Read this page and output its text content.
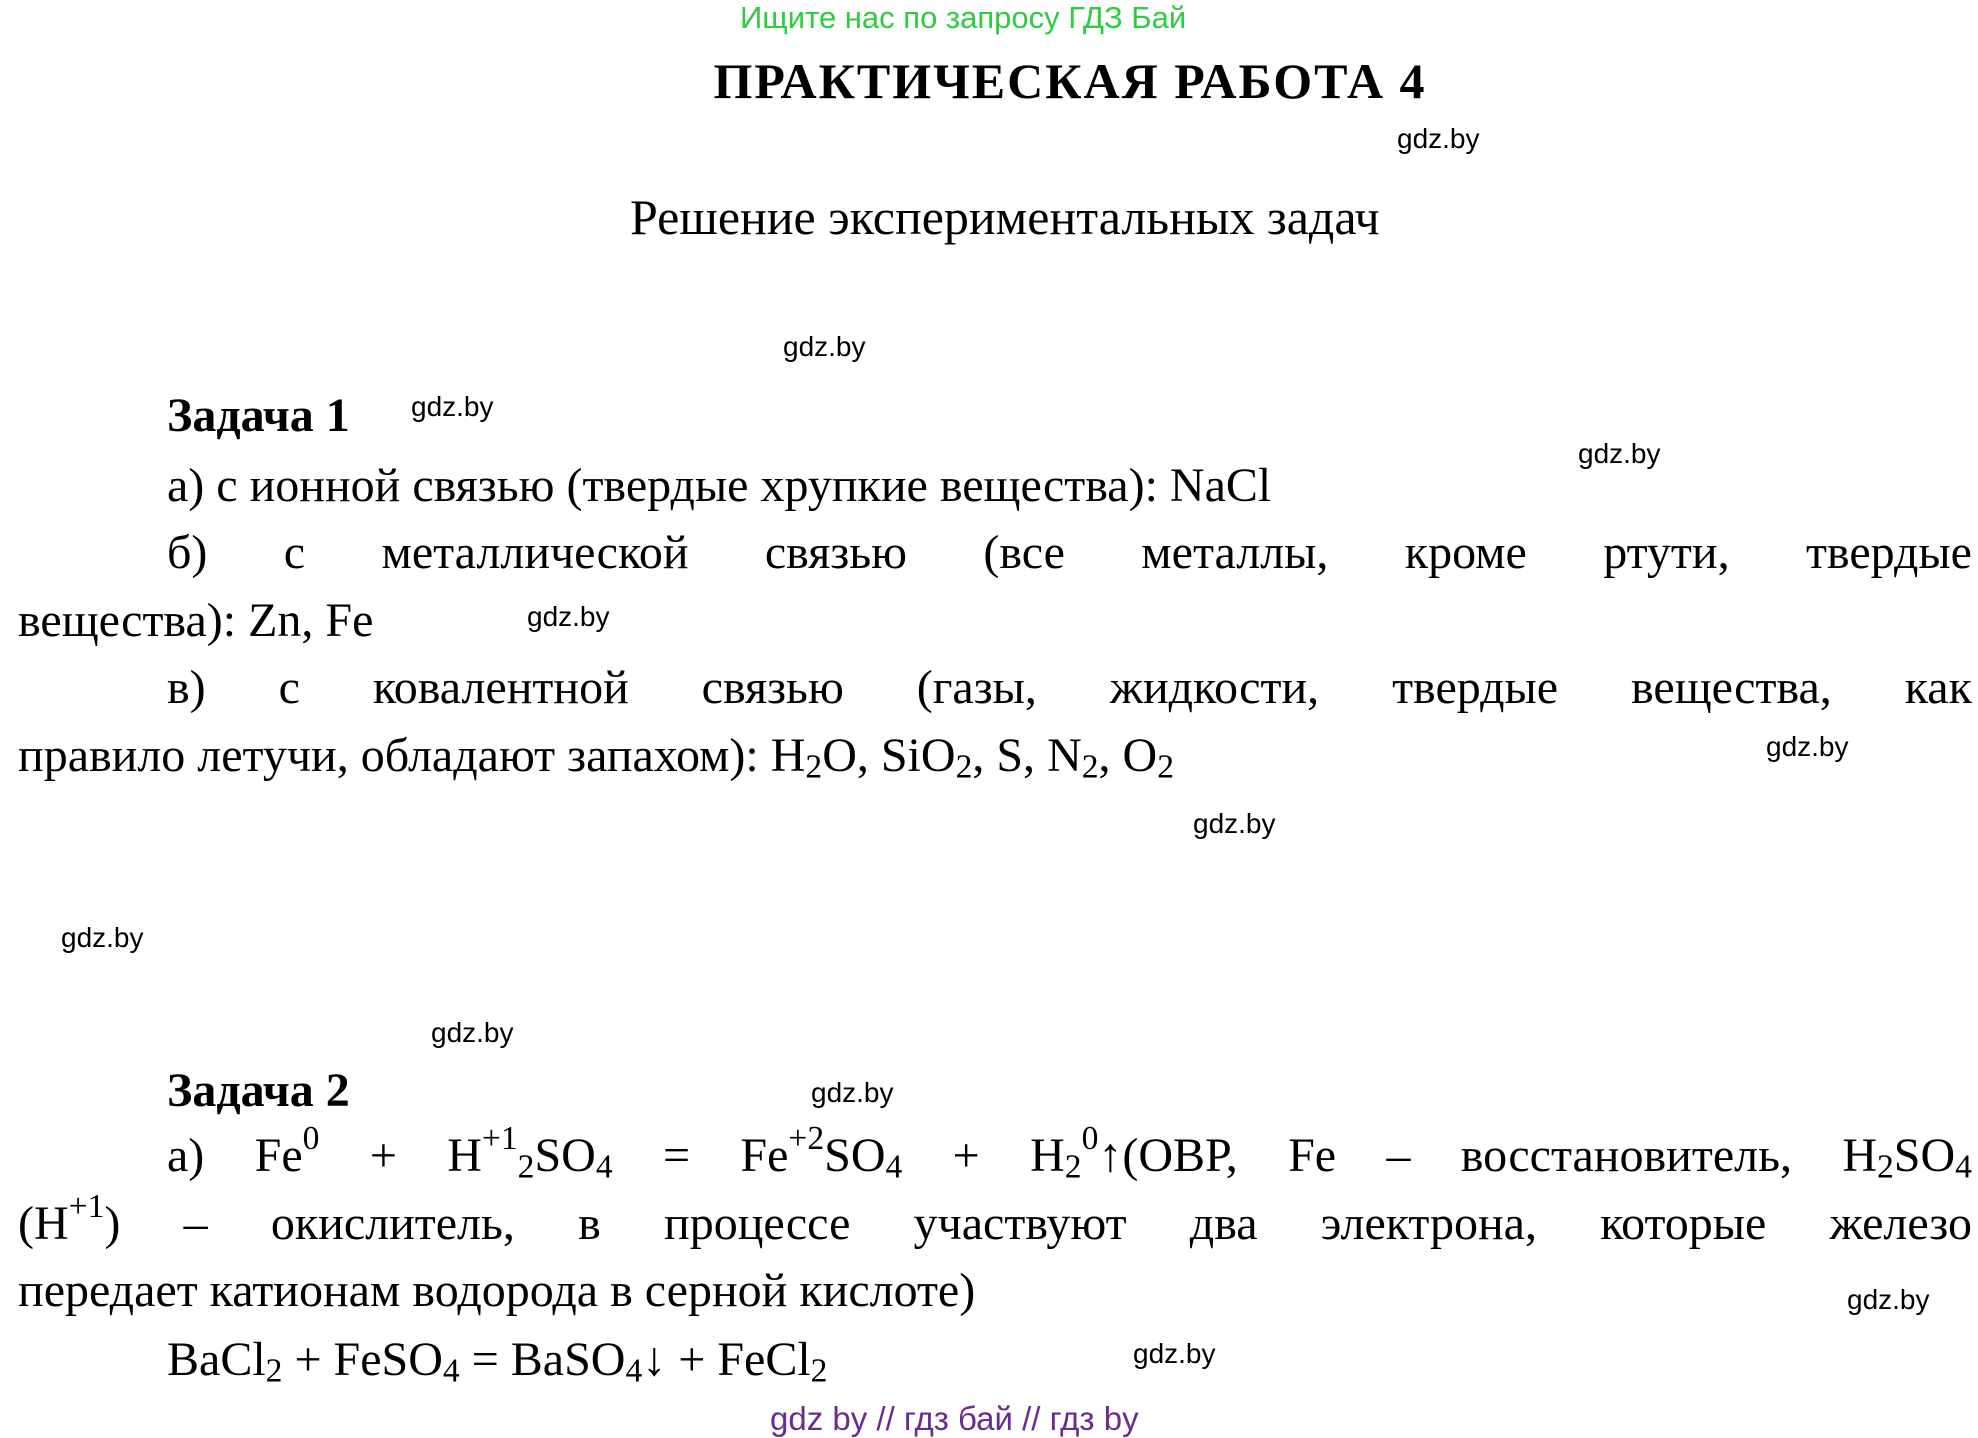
Ищите нас по запросу ГДЗ Бай
ПРАКТИЧЕСКАЯ РАБОТА 4
Решение экспериментальных задач
gdz.by
gdz.by
gdz.by
gdz.by
gdz.by
gdz.by
gdz.by
gdz.by
gdz.by
gdz.by
gdz.by
gdz.by
Задача 1
а) с ионной связью (твердые хрупкие вещества): NaCl
б) с металлической связью (все металлы, кроме ртути, твердые
вещества): Zn, Fe
в) с ковалентной связью (газы, жидкости, твердые вещества, как
правило летучи, обладают запахом): $H_2O$, SiO$_2$, S, $N_2$, $O_2$
Задача 2
а) $Fe^0 + H^{+1}_2SO_4 = Fe^{+2}SO_4$ + $H_2^0↑(ОВР$, Fe – восстановитель, $H_2SO_4$
$(H^{+1})$ – окислитель, в процессе участвуют два электрона, которые железо
передает катионам водорода в серной кислоте)
BaCl$_2$ + FeSO$_4$ = BaSO$_4$↓ + FeCl$_2$
gdz by // гдз бай // гдз by
